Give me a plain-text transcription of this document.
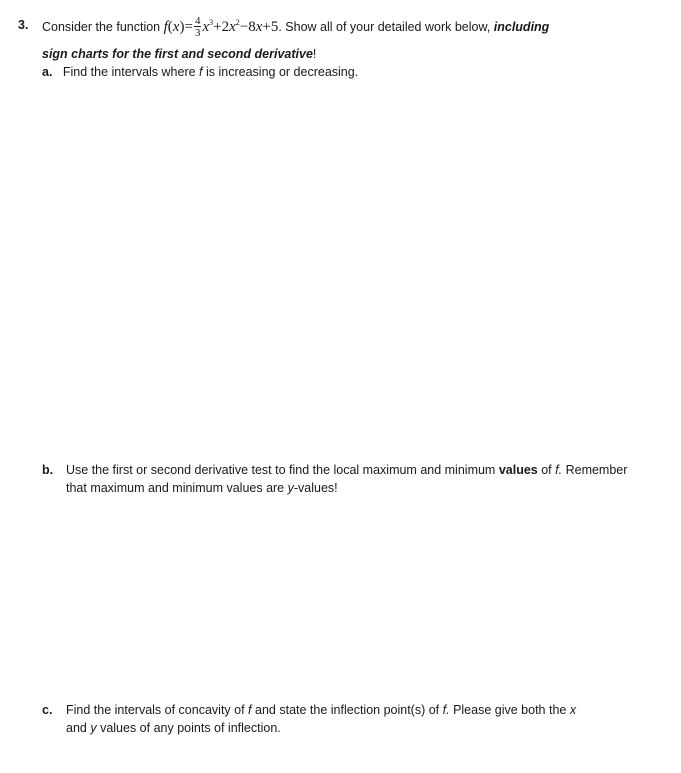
3. Consider the function $f(x)= \frac{4}{3} x^3+2x^2-8x+5$. Show all of your detailed work below, including
sign charts for the first and second derivative!
a. Find the intervals where f is increasing or decreasing.
b. Use the first or second derivative test to find the local maximum and minimum values of f. Remember
that maximum and minimum values are y-values!
c. Find the intervals of concavity of f and state the inflection point(s) of f. Please give both the x
and y values of any points of inflection.
